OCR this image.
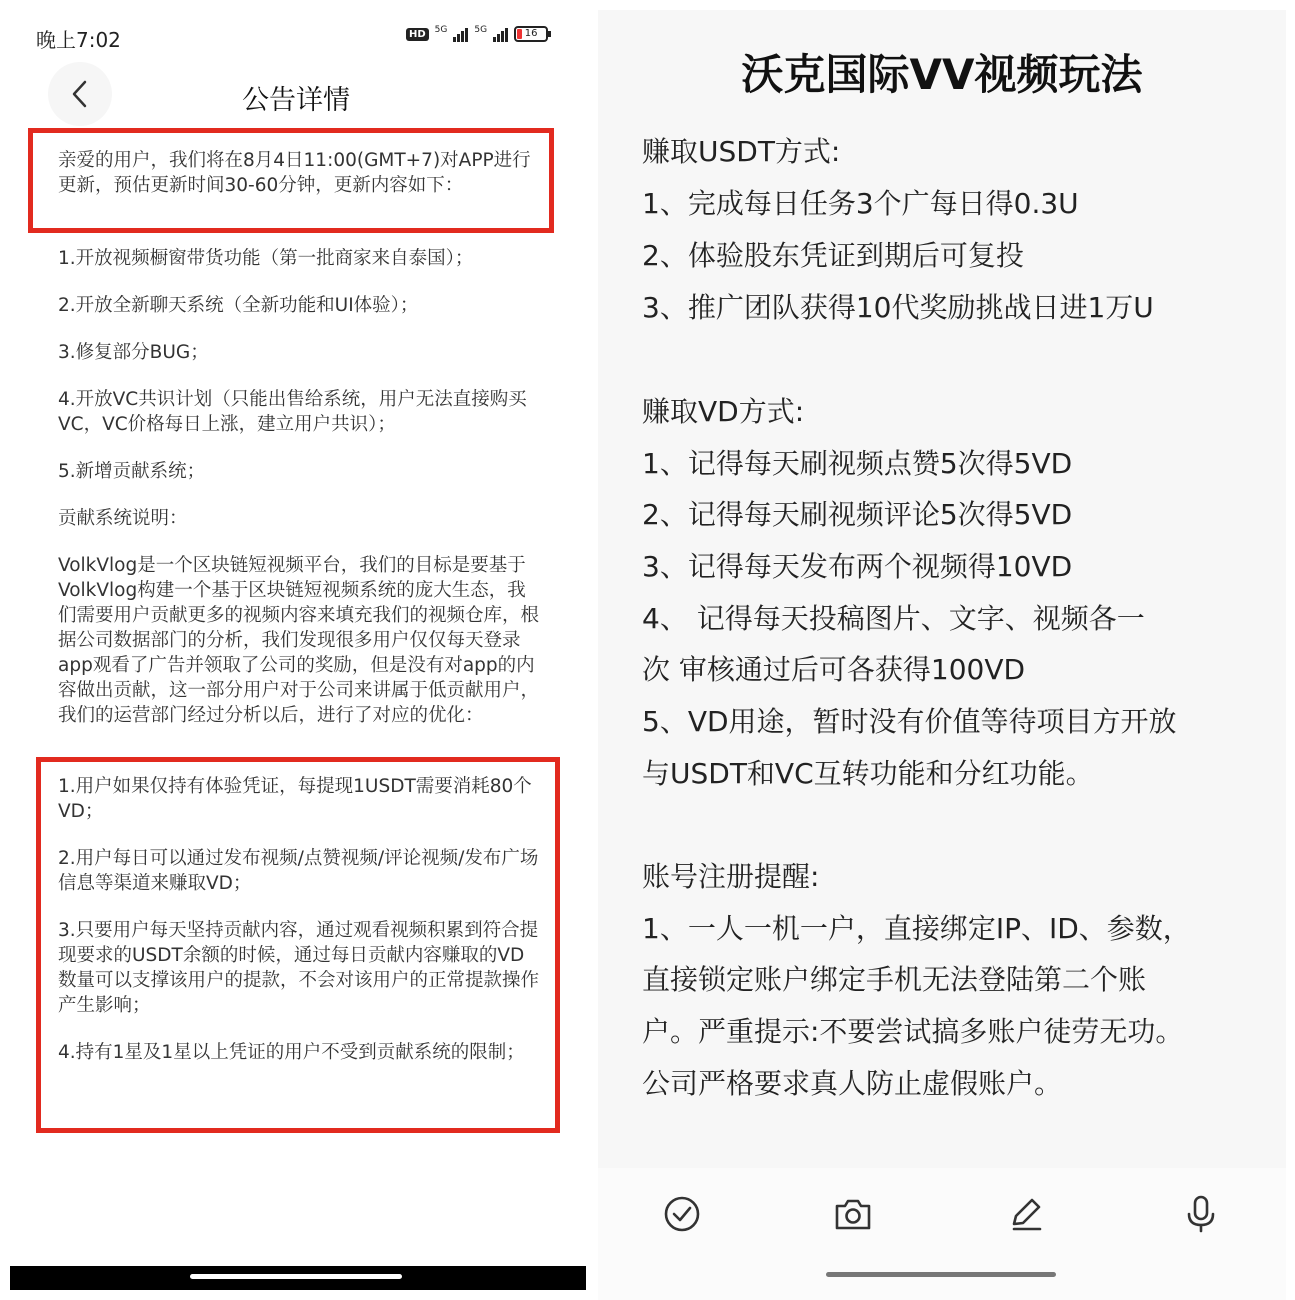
晚上7:02	HD	5G	5G	16
公告详情
亲爱的用户，我们将在8月4日11:00(GMT+7)对APP进行更新，预估更新时间30-60分钟，更新内容如下：
1.开放视频橱窗带货功能（第一批商家来自泰国）；
2.开放全新聊天系统（全新功能和UI体验）；
3.修复部分BUG；
4.开放VC共识计划（只能出售给系统，用户无法直接购买VC，VC价格每日上涨，建立用户共识）；
5.新增贡献系统；
贡献系统说明：
VolkVlog是一个区块链短视频平台，我们的目标是要基于VolkVlog构建一个基于区块链短视频系统的庞大生态，我们需要用户贡献更多的视频内容来填充我们的视频仓库，根据公司数据部门的分析，我们发现很多用户仅仅每天登录app观看了广告并领取了公司的奖励，但是没有对app的内容做出贡献，这一部分用户对于公司来讲属于低贡献用户，我们的运营部门经过分析以后，进行了对应的优化：
1.用户如果仅持有体验凭证，每提现1USDT需要消耗80个VD；
2.用户每日可以通过发布视频/点赞视频/评论视频/发布广场信息等渠道来赚取VD；
3.只要用户每天坚持贡献内容，通过观看视频积累到符合提现要求的USDT余额的时候，通过每日贡献内容赚取的VD数量可以支撑该用户的提款，不会对该用户的正常提款操作产生影响；
4.持有1星及1星以上凭证的用户不受到贡献系统的限制；
沃克国际VV视频玩法
赚取USDT方式:
1、完成每日任务3个广每日得0.3U
2、体验股东凭证到期后可复投
3、推广团队获得10代奖励挑战日进1万U
赚取VD方式:
1、记得每天刷视频点赞5次得5VD
2、记得每天刷视频评论5次得5VD
3、记得每天发布两个视频得10VD
4、 记得每天投稿图片、文字、视频各一
次 审核通过后可各获得100VD
5、VD用途，暂时没有价值等待项目方开放
与USDT和VC互转功能和分红功能。
账号注册提醒:
1、一人一机一户，直接绑定IP、ID、参数，
直接锁定账户绑定手机无法登陆第二个账
户。严重提示:不要尝试搞多账户徒劳无功。
公司严格要求真人防止虚假账户。
